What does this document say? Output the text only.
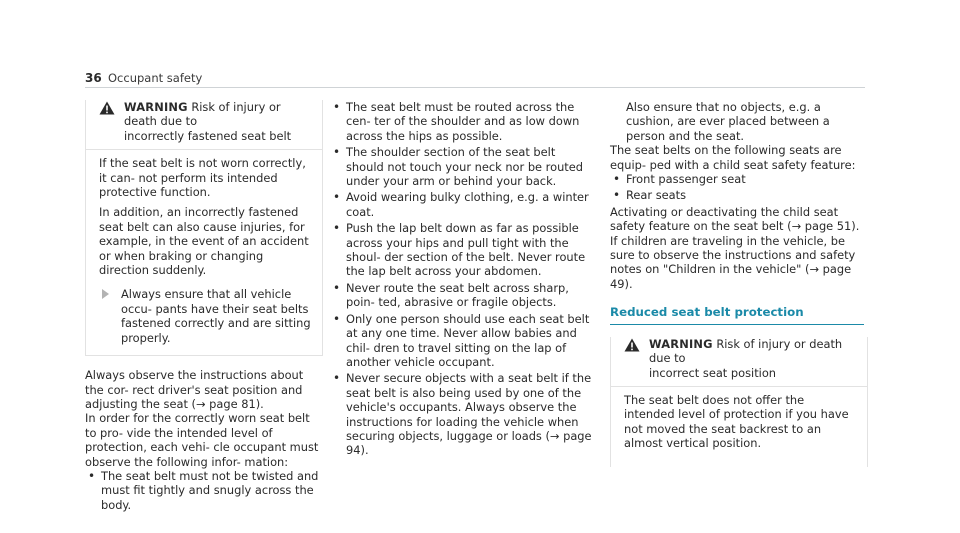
36 Occupant safety
WARNING Risk of injury or death due to
incorrectly fastened seat belt

If the seat belt is not worn correctly, it can- not perform its intended protective function.

In addition, an incorrectly fastened seat belt can also cause injuries, for example, in the event of an accident or when braking or changing direction suddenly.

Always ensure that all vehicle occu- pants have their seat belts fastened correctly and are sitting properly.

Always observe the instructions about the cor- rect driver's seat position and adjusting the seat (→ page 81).

In order for the correctly worn seat belt to pro- vide the intended level of protection, each vehi- cle occupant must observe the following infor- mation:

• The seat belt must not be twisted and must fit tightly and snugly across the body.
• The seat belt must be routed across the cen- ter of the shoulder and as low down across the hips as possible.
• The shoulder section of the seat belt should not touch your neck nor be routed under your arm or behind your back.
• Avoid wearing bulky clothing, e.g. a winter coat.
• Push the lap belt down as far as possible across your hips and pull tight with the shoul- der section of the belt. Never route the lap belt across your abdomen.
• Never route the seat belt across sharp, poin- ted, abrasive or fragile objects.
• Only one person should use each seat belt at any one time. Never allow babies and chil- dren to travel sitting on the lap of another vehicle occupant.
• Never secure objects with a seat belt if the seat belt is also being used by one of the vehicle's occupants. Always observe the instructions for loading the vehicle when securing objects, luggage or loads (→ page 94).

Also ensure that no objects, e.g. a cushion, are ever placed between a person and the seat.

The seat belts on the following seats are equip- ped with a child seat safety feature:

• Front passenger seat
• Rear seats

Activating or deactivating the child seat safety feature on the seat belt (→ page 51).

If children are traveling in the vehicle, be sure to observe the instructions and safety notes on "Children in the vehicle" (→ page 49).

Reduced seat belt protection
WARNING Risk of injury or death due to
incorrect seat position

The seat belt does not offer the intended level of protection if you have not moved the seat backrest to an almost vertical position.
